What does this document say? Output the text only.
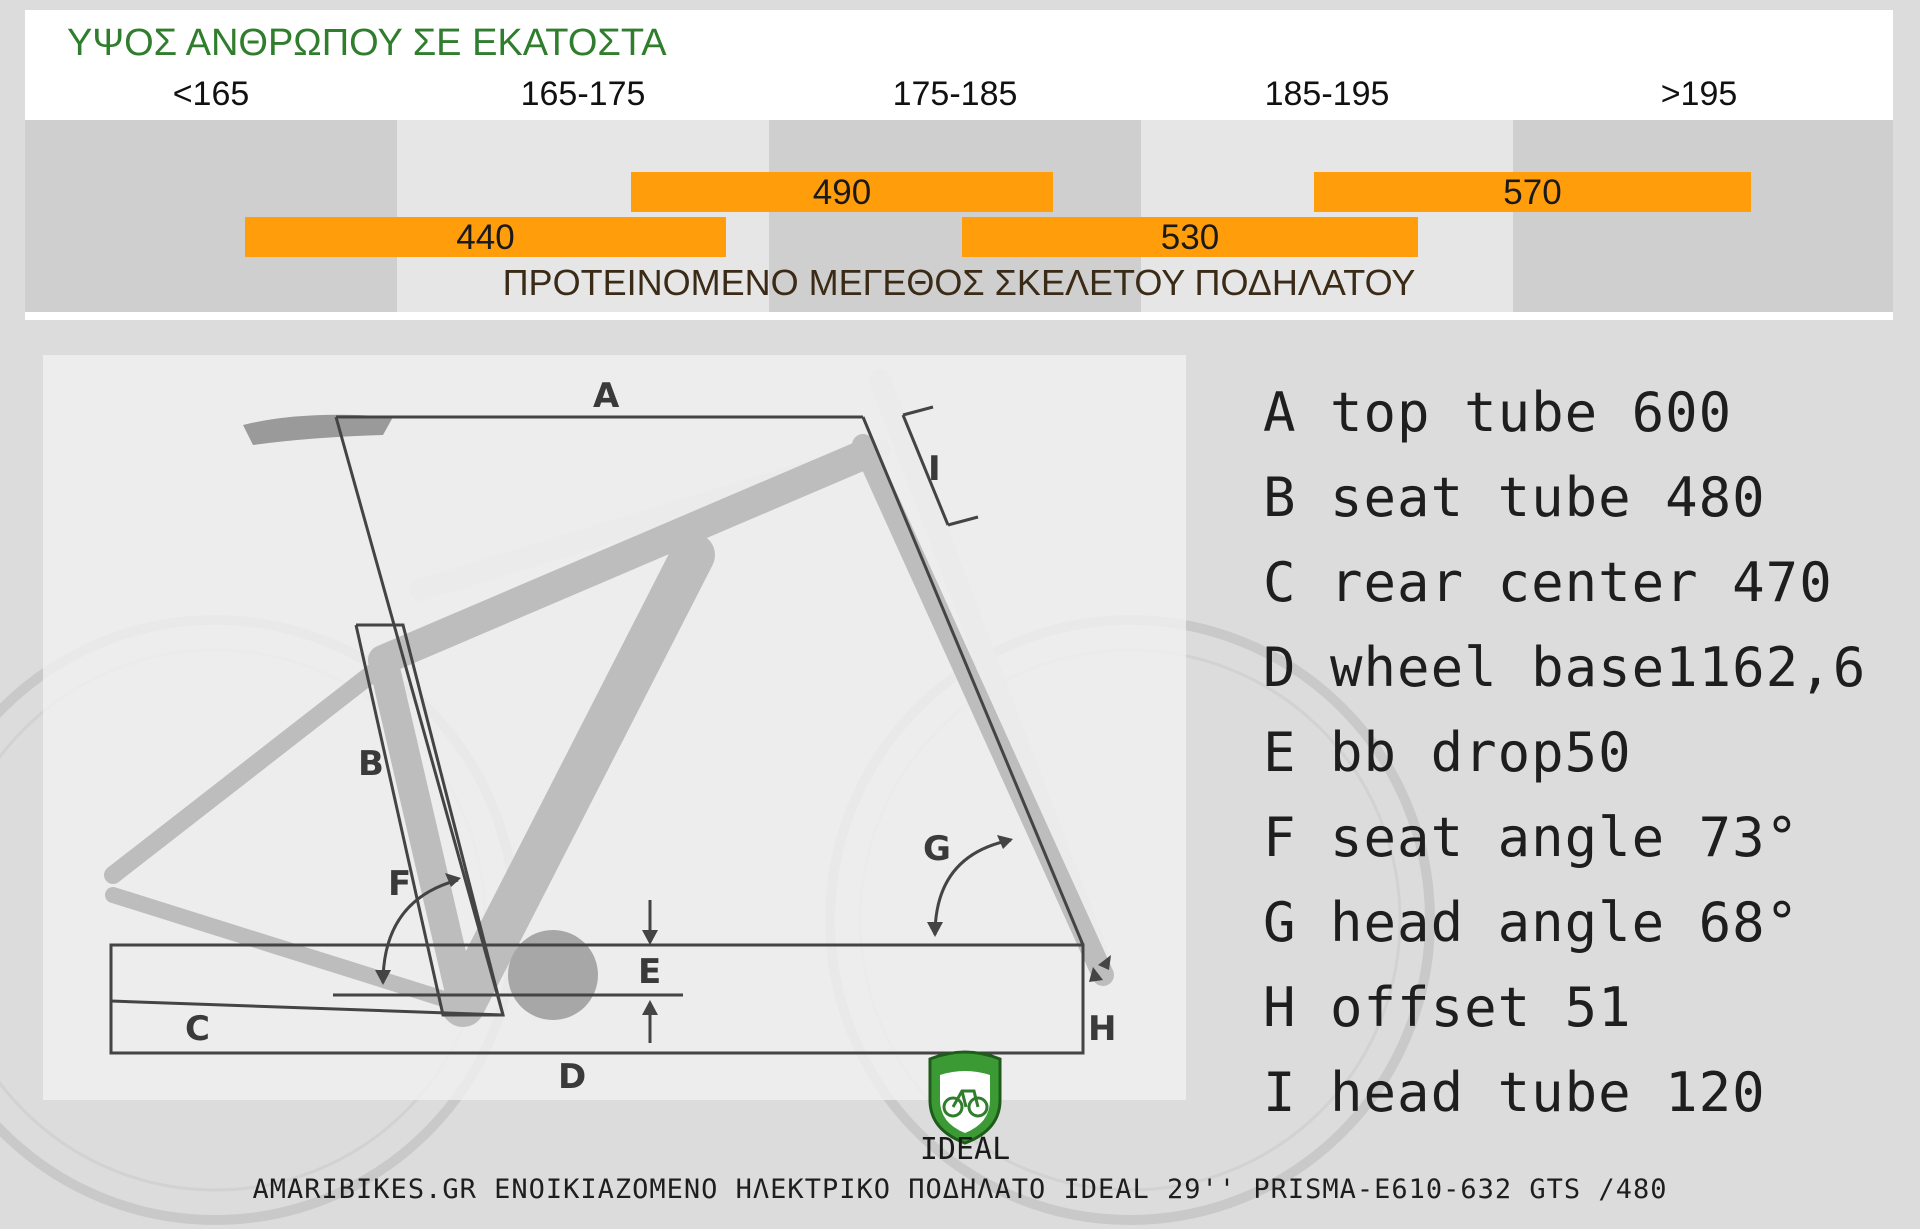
ΥΨΟΣ ΑΝΘΡΩΠΟΥ ΣΕ ΕΚΑΤΟΣΤΑ
<165	165-175	175-185	185-195	>195
490	570
440	530
ΠΡΟΤΕΙΝΟΜΕΝΟ ΜΕΓΕΘΟΣ ΣΚΕΛΕΤΟΥ ΠΟΔΗΛΑΤΟΥ
A
B
C
D
E
F
G
H
I
A top tube 600
B seat tube 480
C rear center 470
D wheel base1162,6
E bb drop50
F seat angle 73°
G head angle 68°
H offset 51
I head tube 120
IDEAL
AMARIBIKES.GR ΕΝΟΙΚΙΑΖΟΜΕΝΟ ΗΛΕΚΤΡΙΚΟ ΠΟΔΗΛΑΤΟ IDEAL 29'' PRISMA-E610-632 GTS /480
